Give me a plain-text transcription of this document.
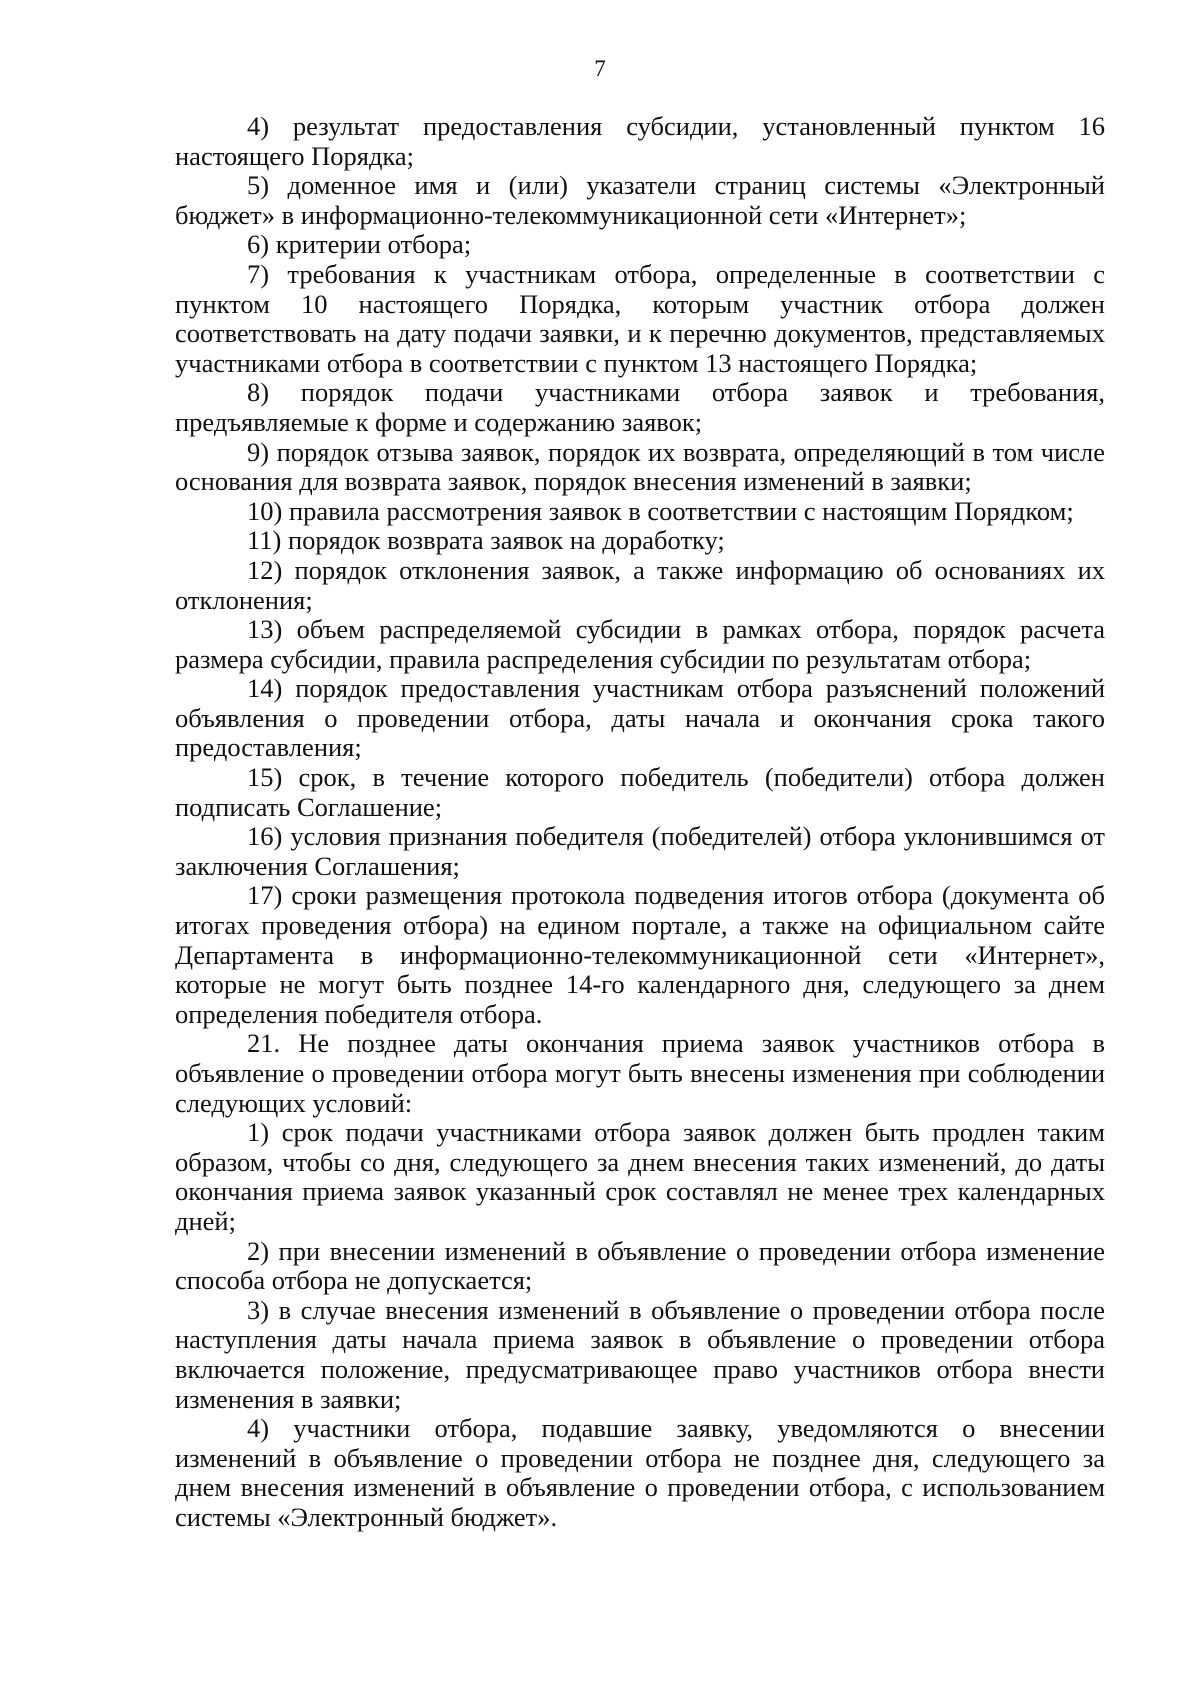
7

4) результат предоставления субсидии, установленный пунктом 16 настоящего Порядка;

5) доменное имя и (или) указатели страниц системы «Электронный бюджет» в информационно-телекоммуникационной сети «Интернет»;

6) критерии отбора;

7) требования к участникам отбора, определенные в соответствии с пунктом 10 настоящего Порядка, которым участник отбора должен соответствовать на дату подачи заявки, и к перечню документов, представляемых участниками отбора в соответствии с пунктом 13 настоящего Порядка;

8) порядок подачи участниками отбора заявок и требования, предъявляемые к форме и содержанию заявок;

9) порядок отзыва заявок, порядок их возврата, определяющий в том числе основания для возврата заявок, порядок внесения изменений в заявки;

10) правила рассмотрения заявок в соответствии с настоящим Порядком;

11) порядок возврата заявок на доработку;

12) порядок отклонения заявок, а также информацию об основаниях их отклонения;

13) объем распределяемой субсидии в рамках отбора, порядок расчета размера субсидии, правила распределения субсидии по результатам отбора;

14) порядок предоставления участникам отбора разъяснений положений объявления о проведении отбора, даты начала и окончания срока такого предоставления;

15) срок, в течение которого победитель (победители) отбора должен подписать Соглашение;

16) условия признания победителя (победителей) отбора уклонившимся от заключения Соглашения;

17) сроки размещения протокола подведения итогов отбора (документа об итогах проведения отбора) на едином портале, а также на официальном сайте Департамента в информационно-телекоммуникационной сети «Интернет», которые не могут быть позднее 14-го календарного дня, следующего за днем определения победителя отбора.

21. Не позднее даты окончания приема заявок участников отбора в объявление о проведении отбора могут быть внесены изменения при соблюдении следующих условий:

1) срок подачи участниками отбора заявок должен быть продлен таким образом, чтобы со дня, следующего за днем внесения таких изменений, до даты окончания приема заявок указанный срок составлял не менее трех календарных дней;

2) при внесении изменений в объявление о проведении отбора изменение способа отбора не допускается;

3) в случае внесения изменений в объявление о проведении отбора после наступления даты начала приема заявок в объявление о проведении отбора включается положение, предусматривающее право участников отбора внести изменения в заявки;

4) участники отбора, подавшие заявку, уведомляются о внесении изменений в объявление о проведении отбора не позднее дня, следующего за днем внесения изменений в объявление о проведении отбора, с использованием системы «Электронный бюджет».
